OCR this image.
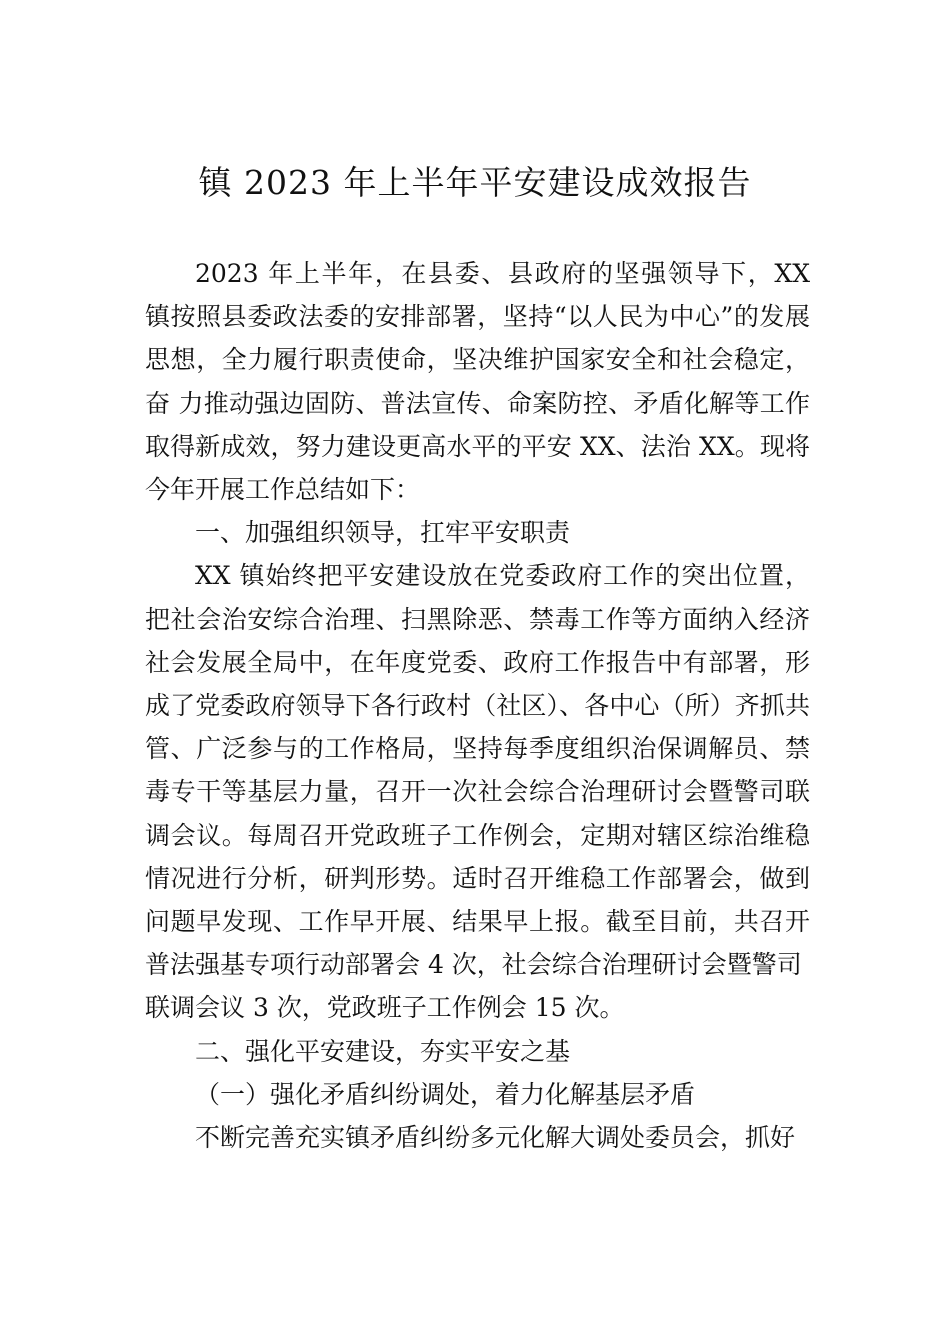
镇 2023 年上半年平安建设成效报告

2023 年上半年，在县委、县政府的坚强领导下，XX 镇按照县委政法委的安排部署，坚持“以人民为中心”的发展思想，全力履行职责使命，坚决维护国家安全和社会稳定，奋 力推动强边固防、普法宣传、命案防控、矛盾化解等工作取得新成效，努力建设更高水平的平安 XX、法治 XX。现将今年开展工作总结如下：

一、加强组织领导，扛牢平安职责

XX 镇始终把平安建设放在党委政府工作的突出位置，把社会治安综合治理、扫黑除恶、禁毒工作等方面纳入经济社会发展全局中，在年度党委、政府工作报告中有部署，形成了党委政府领导下各行政村（社区）、各中心（所）齐抓共管、广泛参与的工作格局，坚持每季度组织治保调解员、禁毒专干等基层力量，召开一次社会综合治理研讨会暨警司联调会议。每周召开党政班子工作例会，定期对辖区综治维稳情况进行分析，研判形势。适时召开维稳工作部署会，做到问题早发现、工作早开展、结果早上报。截至目前，共召开普法强基专项行动部署会 4 次，社会综合治理研讨会暨警司

联调会议 3 次，党政班子工作例会 15 次。

二、强化平安建设，夯实平安之基

（一）强化矛盾纠纷调处，着力化解基层矛盾

不断完善充实镇矛盾纠纷多元化解大调处委员会，抓好
